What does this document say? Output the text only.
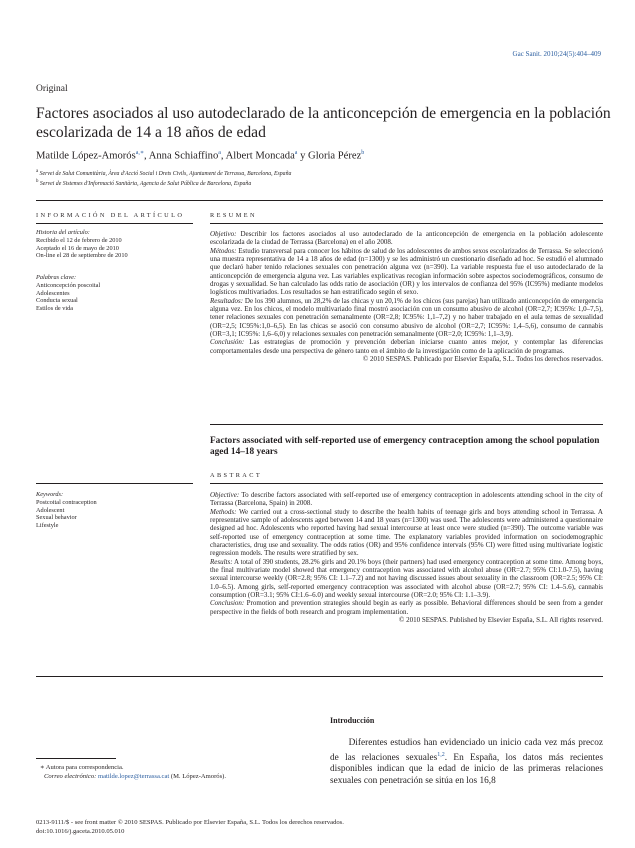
Gac Sanit. 2010;24(5):404–409
Original
Factores asociados al uso autodeclarado de la anticoncepción de emergencia en la población escolarizada de 14 a 18 años de edad
Matilde López-Amorós$^{a,∗}$, Anna Schiaffino$^a$, Albert Moncada$^a$ y Gloria Pérez$^b$
$^a$ Servei de Salut Comunitària, Àrea d'Acció Social i Drets Civils, Ajuntament de Terrassa, Barcelona, España
$^b$ Servei de Sistemes d'Informació Sanitària, Agencia de Salut Pública de Barcelona, España
INFORMACIÓN DEL ARTÍCULO
Historia del artículo:
Recibido el 12 de febrero de 2010
Aceptado el 16 de mayo de 2010
On-line el 28 de septiembre de 2010
Palabras clave:
Anticoncepción poscoital
Adolescentes
Conducta sexual
Estilos de vida
RESUMEN

Objetivo: Describir los factores asociados al uso autodeclarado de la anticoncepción de emergencia en la población adolescente escolarizada de la ciudad de Terrassa (Barcelona) en el año 2008.

Métodos: Estudio transversal para conocer los hábitos de salud de los adolescentes de ambos sexos escolarizados de Terrassa. Se seleccionó una muestra representativa de 14 a 18 años de edad (n=1300) y se les administró un cuestionario diseñado ad hoc. Se estudió el alumnado que declaró haber tenido relaciones sexuales con penetración alguna vez (n=390). La variable respuesta fue el uso autodeclarado de la anticoncepción de emergencia alguna vez. Las variables explicativas recogían información sobre aspectos sociodemográficos, consumo de drogas y sexualidad. Se han calculado las odds ratio de asociación (OR) y los intervalos de confianza del 95% (IC95%) mediante modelos logísticos multivariados. Los resultados se han estratificado según el sexo.

Resultados: De los 390 alumnos, un 28,2% de las chicas y un 20,1% de los chicos (sus parejas) han utilizado anticoncepción de emergencia alguna vez. En los chicos, el modelo multivariado final mostró asociación con un consumo abusivo de alcohol (OR=2,7; IC95%: 1,0–7,5), tener relaciones sexuales con penetración semanalmente (OR=2,8; IC95%: 1,1–7,2) y no haber trabajado en el aula temas de sexualidad (OR=2,5; IC95%:1,0–6,5). En las chicas se asoció con consumo abusivo de alcohol (OR=2,7; IC95%: 1,4–5,6), consumo de cannabis (OR=3,1; IC95%: 1,6–6,0) y relaciones sexuales con penetración semanalmente (OR=2,0; IC95%: 1,1–3,9).

Conclusión: Las estrategias de promoción y prevención deberían iniciarse cuanto antes mejor, y contemplar las diferencias comportamentales desde una perspectiva de género tanto en el ámbito de la investigación como de la aplicación de programas.

© 2010 SESPAS. Publicado por Elsevier España, S.L. Todos los derechos reservados.

Factors associated with self-reported use of emergency contraception among the school population aged 14–18 years
ABSTRACT
Keywords:
Postcoital contraception
Adolescent
Sexual behavior
Lifestyle

Objective: To describe factors associated with self-reported use of emergency contraception in adolescents attending school in the city of Terrassa (Barcelona, Spain) in 2008.

Methods: We carried out a cross-sectional study to describe the health habits of teenage girls and boys attending school in Terrassa. A representative sample of adolescents aged between 14 and 18 years (n=1300) was used. The adolescents were administered a questionnaire designed ad hoc. Adolescents who reported having had sexual intercourse at least once were studied (n=390). The outcome variable was self-reported use of emergency contraception at some time. The explanatory variables provided information on sociodemographic characteristics, drug use and sexuality. The odds ratios (OR) and 95% confidence intervals (95% CI) were fitted using multivariate logistic regression models. The results were stratified by sex.

Results: A total of 390 students, 28.2% girls and 20.1% boys (their partners) had used emergency contraception at some time. Among boys, the final multivariate model showed that emergency contraception was associated with alcohol abuse (OR=2.7; 95% CI:1.0-7.5), having sexual intercourse weekly (OR=2.8; 95% CI: 1.1–7.2) and not having discussed issues about sexuality in the classroom (OR=2.5; 95% CI: 1.0–6.5). Among girls, self-reported emergency contraception was associated with alcohol abuse (OR=2.7; 95% CI: 1.4–5.6), cannabis consumption (OR=3.1; 95% CI:1.6–6.0) and weekly sexual intercourse (OR=2.0; 95% CI: 1.1–3.9).

Conclusion: Promotion and prevention strategies should begin as early as possible. Behavioral differences should be seen from a gender perspective in the fields of both research and program implementation.

© 2010 SESPAS. Published by Elsevier España, S.L. All rights reserved.

Introducción

  Diferentes estudios han evidenciado un inicio cada vez más precoz de las relaciones sexuales$^{1,2}$. En España, los datos más recientes disponibles indican que la edad de inicio de las primeras relaciones sexuales con penetración se sitúa en los 16,8

∗ Autora para correspondencia.
Correo electrónico: matilde.lopez@terrassa.cat (M. López-Amorós).
0213-9111/$ - see front matter © 2010 SESPAS. Publicado por Elsevier España, S.L. Todos los derechos reservados.
doi:10.1016/j.gaceta.2010.05.010
